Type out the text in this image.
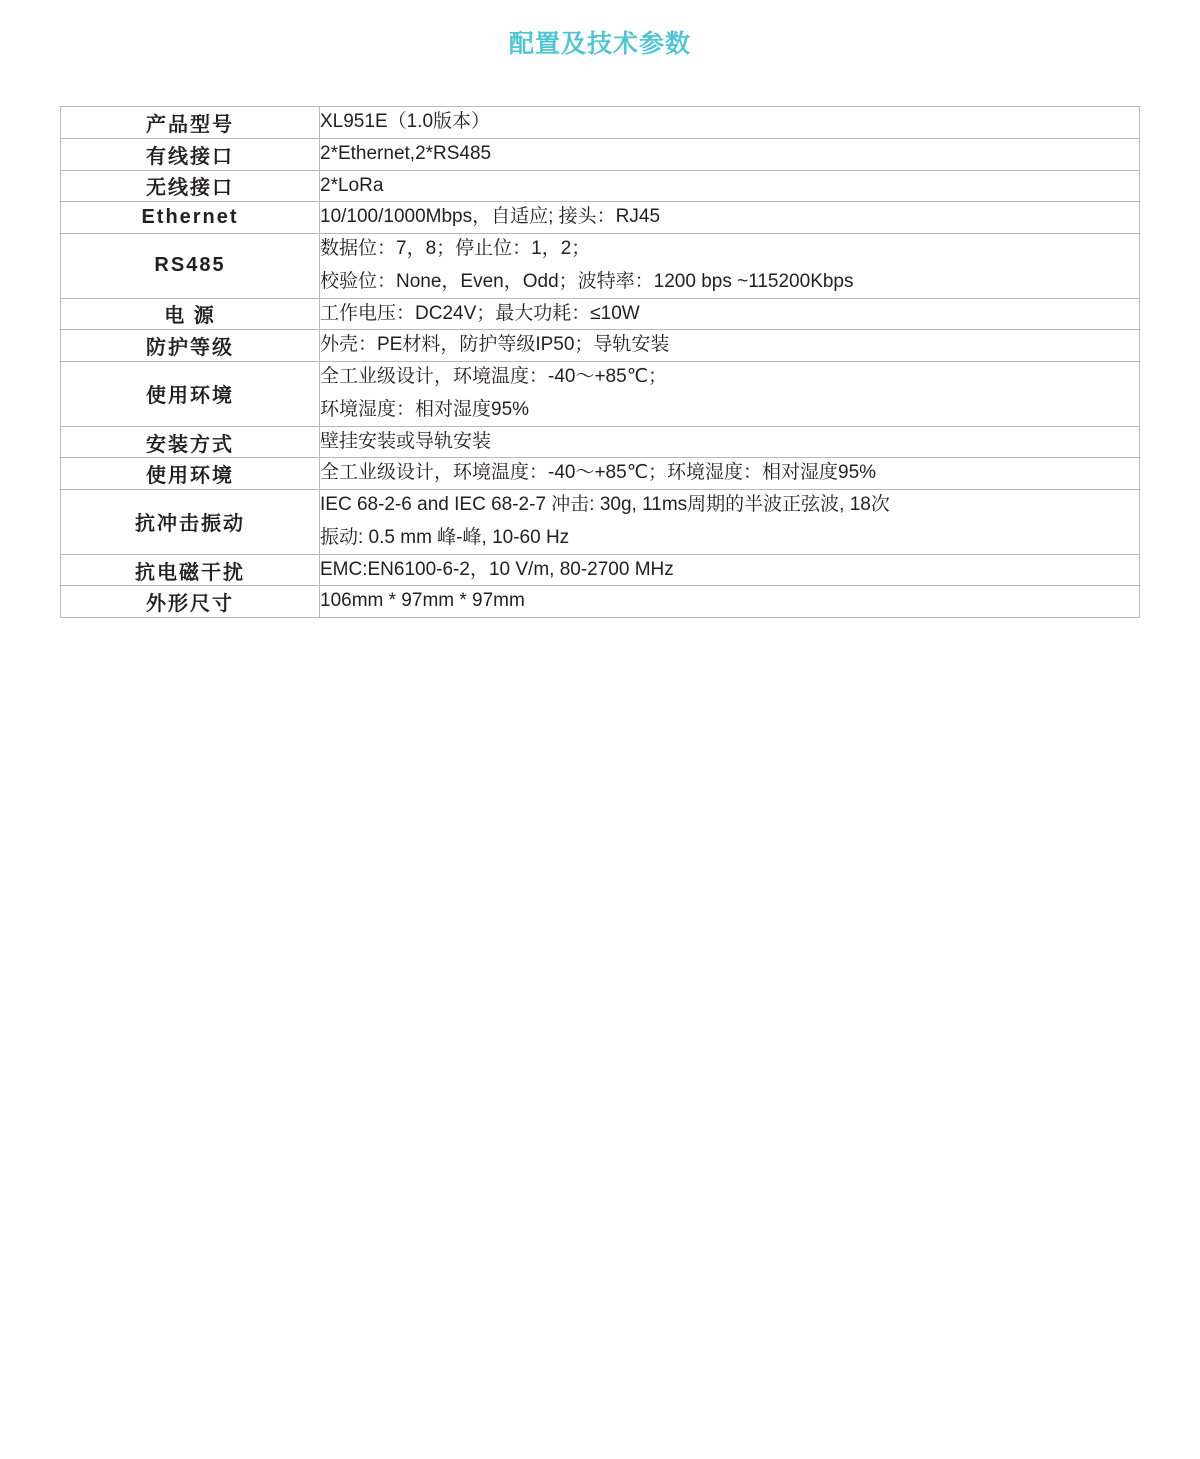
配置及技术参数
产品型号	XL951E（1.0版本）

有线接口	2*Ethernet,2*RS485

无线接口	2*LoRa

Ethernet	10/100/1000Mbps，自适应; 接头：RJ45

RS485	数据位：7，8；停止位：1，2；
校验位：None，Even，Odd；波特率：1200 bps ~115200Kbps

电 源	工作电压：DC24V；最大功耗：≤10W

防护等级	外壳：PE材料，防护等级IP50；导轨安装

使用环境	全工业级设计，环境温度：-40～+85℃；
环境湿度：相对湿度95%

安装方式	壁挂安装或导轨安装

使用环境	全工业级设计，环境温度：-40～+85℃；环境湿度：相对湿度95%

抗冲击振动	IEC 68-2-6 and IEC 68-2-7 冲击: 30g, 11ms周期的半波正弦波, 18次
振动: 0.5 mm 峰-峰, 10-60 Hz

抗电磁干扰	EMC:EN6100-6-2，10 V/m, 80-2700 MHz

外形尺寸	106mm * 97mm * 97mm
